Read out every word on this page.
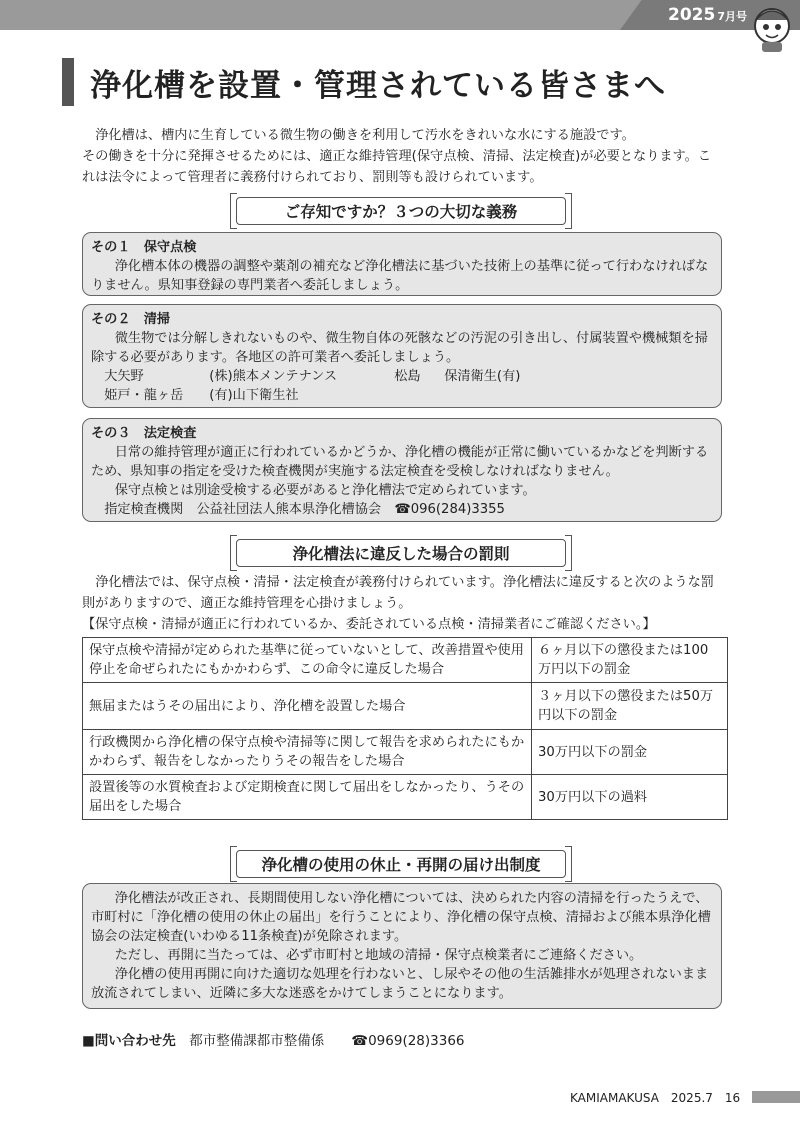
2025 7月号
浄化槽を設置・管理されている皆さまへ
浄化槽は、槽内に生育している微生物の働きを利用して汚水をきれいな水にする施設です。
その働きを十分に発揮させるためには、適正な維持管理(保守点検、清掃、法定検査)が必要となります。これは法令によって管理者に義務付けられており、罰則等も設けられています。
ご存知ですか？３つの大切な義務
その１　保守点検
浄化槽本体の機器の調整や薬剤の補充など浄化槽法に基づいた技術上の基準に従って行わなければなりません。県知事登録の専門業者へ委託しましょう。
その２　清掃
微生物では分解しきれないものや、微生物自体の死骸などの汚泥の引き出し、付属装置や機械類を掃除する必要があります。各地区の許可業者へ委託しましょう。
大矢野	(株)熊本メンテナンス	松島	保清衛生(有)
姫戸・龍ヶ岳	(有)山下衛生社
その３　法定検査
日常の維持管理が適正に行われているかどうか、浄化槽の機能が正常に働いているかなどを判断するため、県知事の指定を受けた検査機関が実施する法定検査を受検しなければなりません。
保守点検とは別途受検する必要があると浄化槽法で定められています。
指定検査機関　 公益社団法人熊本県浄化槽協会　 ☎096(284)3355
浄化槽法に違反した場合の罰則
浄化槽法では、保守点検・清掃・法定検査が義務付けられています。浄化槽法に違反すると次のような罰則がありますので、適正な維持管理を心掛けましょう。
【保守点検・清掃が適正に行われているか、委託されている点検・清掃業者にご確認ください。】
保守点検や清掃が定められた基準に従っていないとして、改善措置や使用停止を命ぜられたにもかかわらず、この命令に違反した場合	６ヶ月以下の懲役または100万円以下の罰金
無届またはうその届出により、浄化槽を設置した場合	３ヶ月以下の懲役または50万円以下の罰金
行政機関から浄化槽の保守点検や清掃等に関して報告を求められたにもかかわらず、報告をしなかったりうその報告をした場合	30万円以下の罰金
設置後等の水質検査および定期検査に関して届出をしなかったり、うその届出をした場合	30万円以下の過料
浄化槽の使用の休止・再開の届け出制度
浄化槽法が改正され、長期間使用しない浄化槽については、決められた内容の清掃を行ったうえで、市町村に「浄化槽の使用の休止の届出」を行うことにより、浄化槽の保守点検、清掃および熊本県浄化槽協会の法定検査(いわゆる11条検査)が免除されます。
ただし、再開に当たっては、必ず市町村と地域の清掃・保守点検業者にご連絡ください。
浄化槽の使用再開に向けた適切な処理を行わないと、し尿やその他の生活雑排水が処理されないまま放流されてしまい、近隣に多大な迷惑をかけてしまうことになります。
■問い合わせ先　 都市整備課都市整備係　　 ☎0969(28)3366
KAMIAMAKUSA　2025.7　16
